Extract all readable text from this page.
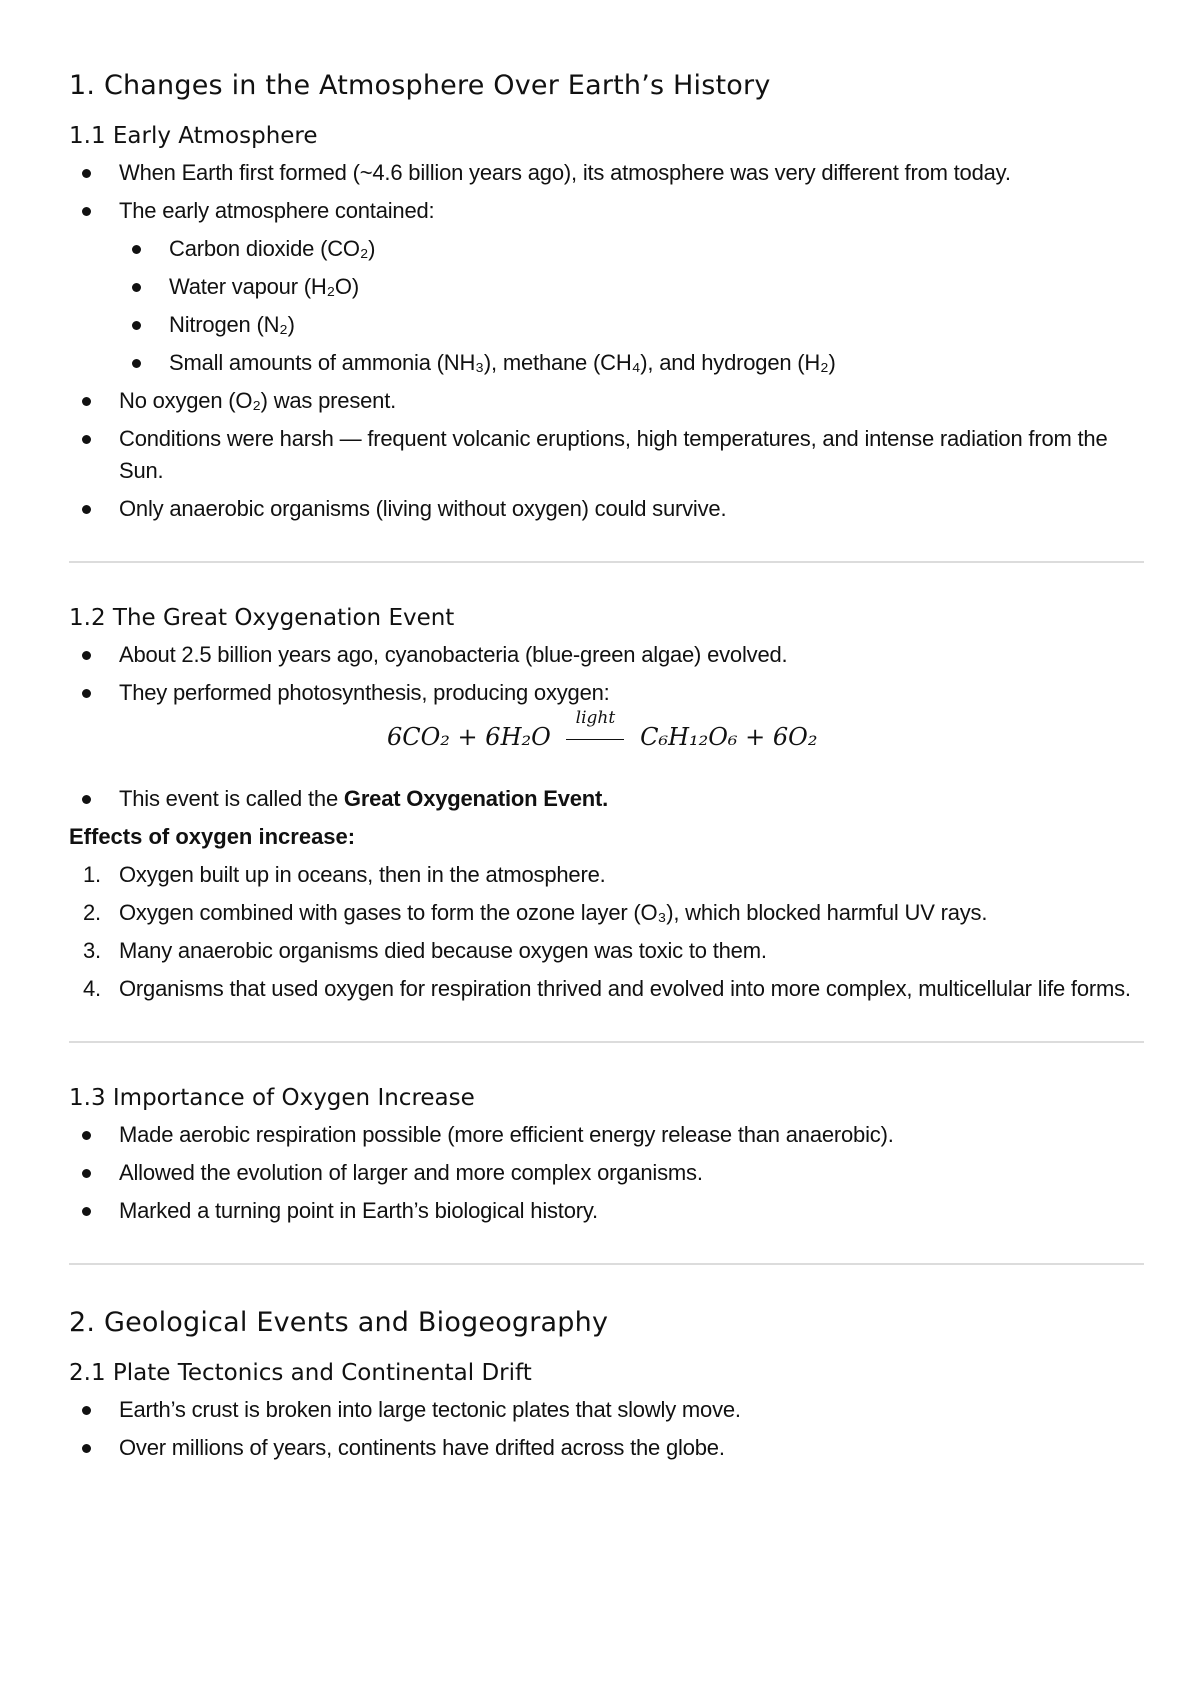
1. Changes in the Atmosphere Over Earth’s History
1.1 Early Atmosphere
When Earth first formed (~4.6 billion years ago), its atmosphere was very different from today.
The early atmosphere contained:
Carbon dioxide (CO₂)
Water vapour (H₂O)
Nitrogen (N₂)
Small amounts of ammonia (NH₃), methane (CH₄), and hydrogen (H₂)
No oxygen (O₂) was present.
Conditions were harsh — frequent volcanic eruptions, high temperatures, and intense radiation from the Sun.
Only anaerobic organisms (living without oxygen) could survive.
1.2 The Great Oxygenation Event
About 2.5 billion years ago, cyanobacteria (blue-green algae) evolved.
They performed photosynthesis, producing oxygen:
6CO₂ + 6H₂O
light
C₆H₁₂O₆ + 6O₂
This event is called the Great Oxygenation Event.
Effects of oxygen increase:
1. Oxygen built up in oceans, then in the atmosphere.
2. Oxygen combined with gases to form the ozone layer (O₃), which blocked harmful UV rays.
3. Many anaerobic organisms died because oxygen was toxic to them.
4. Organisms that used oxygen for respiration thrived and evolved into more complex, multicellular life forms.
1.3 Importance of Oxygen Increase
Made aerobic respiration possible (more efficient energy release than anaerobic).
Allowed the evolution of larger and more complex organisms.
Marked a turning point in Earth’s biological history.
2. Geological Events and Biogeography
2.1 Plate Tectonics and Continental Drift
Earth’s crust is broken into large tectonic plates that slowly move.
Over millions of years, continents have drifted across the globe.
